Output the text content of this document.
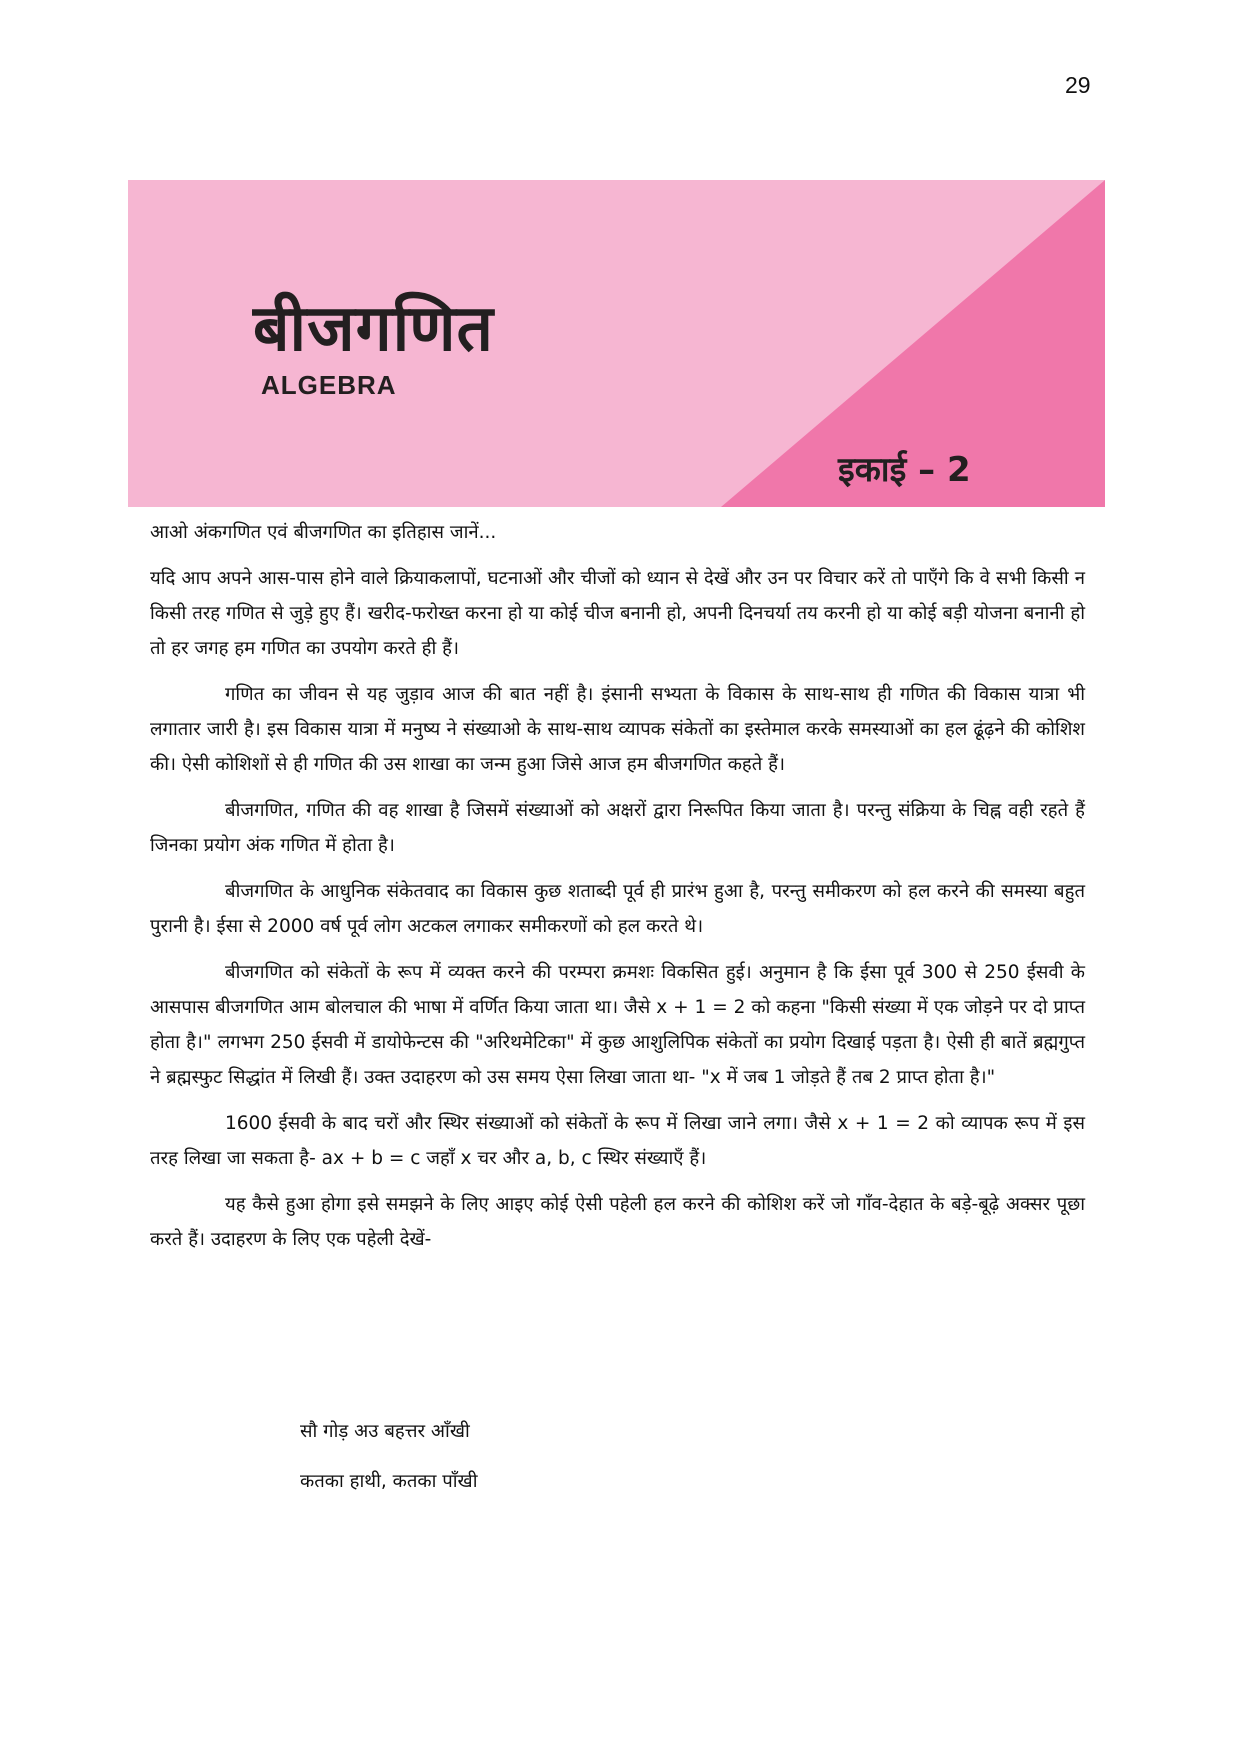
29
बीजगणित
ALGEBRA
इकाई – 2

आओ अंकगणित एवं बीजगणित का इतिहास जानें...

यदि आप अपने आस-पास होने वाले क्रियाकलापों, घटनाओं और चीजों को ध्यान से देखें और उन पर विचार करें तो पाएँगे कि वे सभी किसी न किसी तरह गणित से जुड़े हुए हैं। खरीद-फरोख्त करना हो या कोई चीज बनानी हो, अपनी दिनचर्या तय करनी हो या कोई बड़ी योजना बनानी हो तो हर जगह हम गणित का उपयोग करते ही हैं।

गणित का जीवन से यह जुड़ाव आज की बात नहीं है। इंसानी सभ्यता के विकास के साथ-साथ ही गणित की विकास यात्रा भी लगातार जारी है। इस विकास यात्रा में मनुष्य ने संख्याओ के साथ-साथ व्यापक संकेतों का इस्तेमाल करके समस्याओं का हल ढूंढ़ने की कोशिश की। ऐसी कोशिशों से ही गणित की उस शाखा का जन्म हुआ जिसे आज हम बीजगणित कहते हैं।

बीजगणित, गणित की वह शाखा है जिसमें संख्याओं को अक्षरों द्वारा निरूपित किया जाता है। परन्तु संक्रिया के चिह्न वही रहते हैं जिनका प्रयोग अंक गणित में होता है।

बीजगणित के आधुनिक संकेतवाद का विकास कुछ शताब्दी पूर्व ही प्रारंभ हुआ है, परन्तु समीकरण को हल करने की समस्या बहुत पुरानी है। ईसा से 2000 वर्ष पूर्व लोग अटकल लगाकर समीकरणों को हल करते थे।

बीजगणित को संकेतों के रूप में व्यक्त करने की परम्परा क्रमशः विकसित हुई। अनुमान है कि ईसा पूर्व 300 से 250 ईसवी के आसपास बीजगणित आम बोलचाल की भाषा में वर्णित किया जाता था। जैसे x + 1 = 2 को कहना "किसी संख्या में एक जोड़ने पर दो प्राप्त होता है।" लगभग 250 ईसवी में डायोफेन्टस की "अरिथमेटिका" में कुछ आशुलिपिक संकेतों का प्रयोग दिखाई पड़ता है। ऐसी ही बातें ब्रह्मगुप्त ने ब्रह्मस्फुट सिद्धांत में लिखी हैं। उक्त उदाहरण को उस समय ऐसा लिखा जाता था- "x में जब 1 जोड़ते हैं तब 2 प्राप्त होता है।"

1600 ईसवी के बाद चरों और स्थिर संख्याओं को संकेतों के रूप में लिखा जाने लगा। जैसे x + 1 = 2 को व्यापक रूप में इस तरह लिखा जा सकता है- ax + b = c जहाँ x चर और a, b, c स्थिर संख्याएँ हैं।

यह कैसे हुआ होगा इसे समझने के लिए आइए कोई ऐसी पहेली हल करने की कोशिश करें जो गाँव-देहात के बड़े-बूढ़े अक्सर पूछा करते हैं। उदाहरण के लिए एक पहेली देखें-

सौ गोड़ अउ बहत्तर आँखी
कतका हाथी, कतका पाँखी
